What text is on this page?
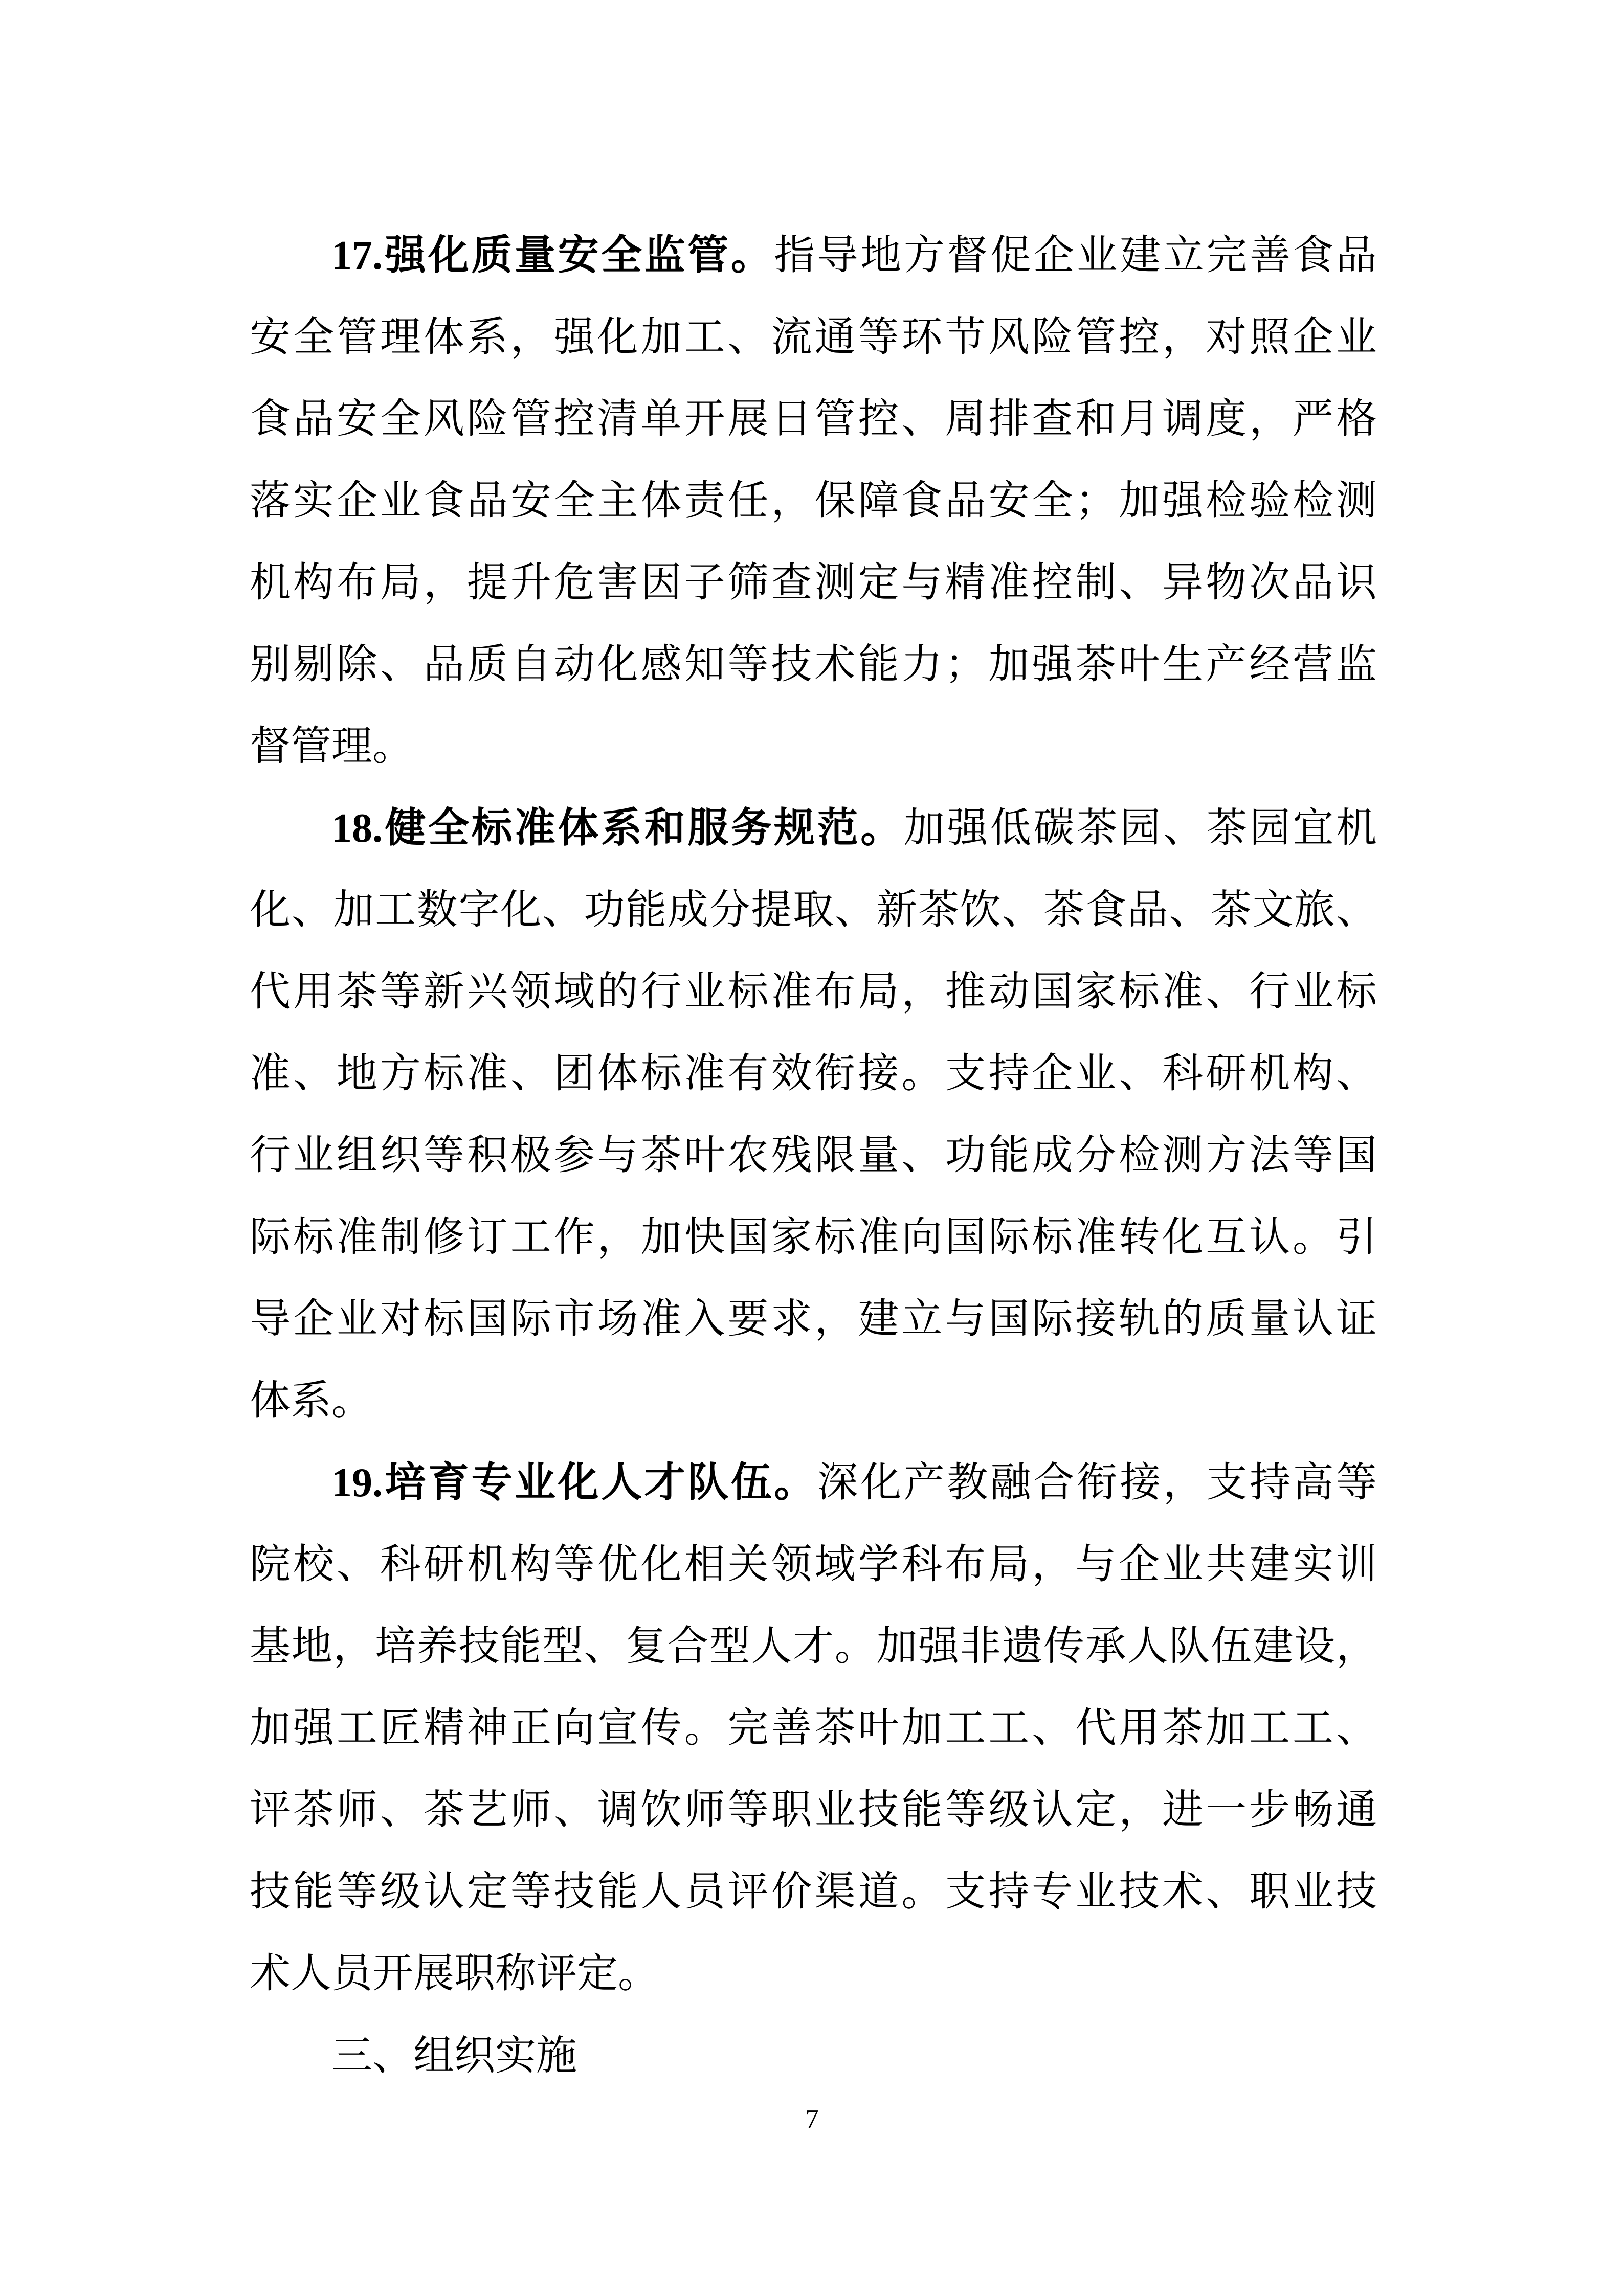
17.强化质量安全监管。指导地方督促企业建立完善食品
安全管理体系，强化加工、流通等环节风险管控，对照企业
食品安全风险管控清单开展日管控、周排查和月调度，严格
落实企业食品安全主体责任，保障食品安全；加强检验检测
机构布局，提升危害因子筛查测定与精准控制、异物次品识
别剔除、品质自动化感知等技术能力；加强茶叶生产经营监
督管理。
18.健全标准体系和服务规范。加强低碳茶园、茶园宜机
化、加工数字化、功能成分提取、新茶饮、茶食品、茶文旅、
代用茶等新兴领域的行业标准布局，推动国家标准、行业标
准、地方标准、团体标准有效衔接。支持企业、科研机构、
行业组织等积极参与茶叶农残限量、功能成分检测方法等国
际标准制修订工作，加快国家标准向国际标准转化互认。引
导企业对标国际市场准入要求，建立与国际接轨的质量认证
体系。
19.培育专业化人才队伍。深化产教融合衔接，支持高等
院校、科研机构等优化相关领域学科布局，与企业共建实训
基地，培养技能型、复合型人才。加强非遗传承人队伍建设，
加强工匠精神正向宣传。完善茶叶加工工、代用茶加工工、
评茶师、茶艺师、调饮师等职业技能等级认定，进一步畅通
技能等级认定等技能人员评价渠道。支持专业技术、职业技
术人员开展职称评定。
三、组织实施
7
